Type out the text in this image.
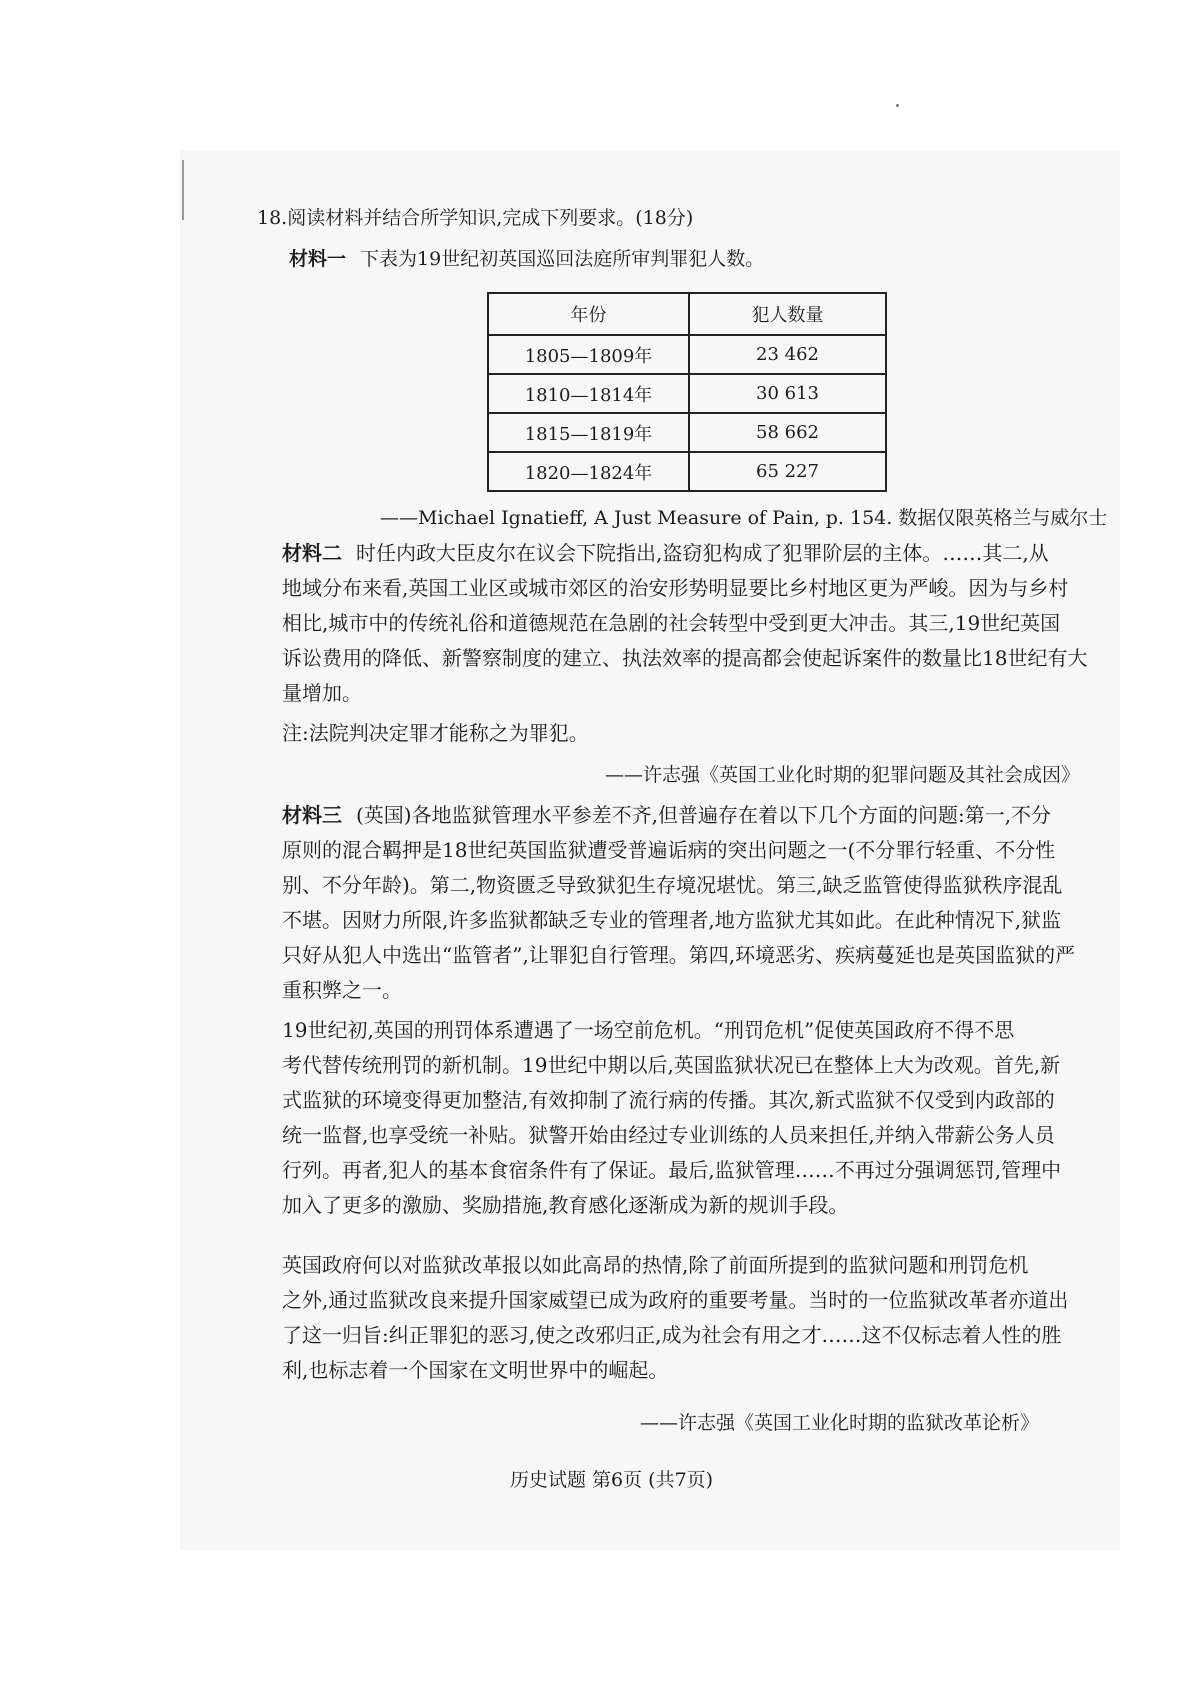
18.阅读材料并结合所学知识,完成下列要求。(18分)
材料一 下表为19世纪初英国巡回法庭所审判罪犯人数。
年份	犯人数量
1805—1809年	23 462
1810—1814年	30 613
1815—1819年	58 662
1820—1824年	65 227
——Michael Ignatieff, A Just Measure of Pain, p. 154. 数据仅限英格兰与威尔士
材料二 时任内政大臣皮尔在议会下院指出,盗窃犯构成了犯罪阶层的主体。……其二,从
地域分布来看,英国工业区或城市郊区的治安形势明显要比乡村地区更为严峻。因为与乡村
相比,城市中的传统礼俗和道德规范在急剧的社会转型中受到更大冲击。其三,19世纪英国
诉讼费用的降低、新警察制度的建立、执法效率的提高都会使起诉案件的数量比18世纪有大
量增加。
注:法院判决定罪才能称之为罪犯。
——许志强《英国工业化时期的犯罪问题及其社会成因》
材料三 (英国)各地监狱管理水平参差不齐,但普遍存在着以下几个方面的问题:第一,不分
原则的混合羁押是18世纪英国监狱遭受普遍诟病的突出问题之一(不分罪行轻重、不分性
别、不分年龄)。第二,物资匮乏导致狱犯生存境况堪忧。第三,缺乏监管使得监狱秩序混乱
不堪。因财力所限,许多监狱都缺乏专业的管理者,地方监狱尤其如此。在此种情况下,狱监
只好从犯人中选出“监管者”,让罪犯自行管理。第四,环境恶劣、疾病蔓延也是英国监狱的严
重积弊之一。
19世纪初,英国的刑罚体系遭遇了一场空前危机。“刑罚危机”促使英国政府不得不思
考代替传统刑罚的新机制。19世纪中期以后,英国监狱状况已在整体上大为改观。首先,新
式监狱的环境变得更加整洁,有效抑制了流行病的传播。其次,新式监狱不仅受到内政部的
统一监督,也享受统一补贴。狱警开始由经过专业训练的人员来担任,并纳入带薪公务人员
行列。再者,犯人的基本食宿条件有了保证。最后,监狱管理……不再过分强调惩罚,管理中
加入了更多的激励、奖励措施,教育感化逐渐成为新的规训手段。
英国政府何以对监狱改革报以如此高昂的热情,除了前面所提到的监狱问题和刑罚危机
之外,通过监狱改良来提升国家威望已成为政府的重要考量。当时的一位监狱改革者亦道出
了这一归旨:纠正罪犯的恶习,使之改邪归正,成为社会有用之才……这不仅标志着人性的胜
利,也标志着一个国家在文明世界中的崛起。
——许志强《英国工业化时期的监狱改革论析》
历史试题 第6页 (共7页)
